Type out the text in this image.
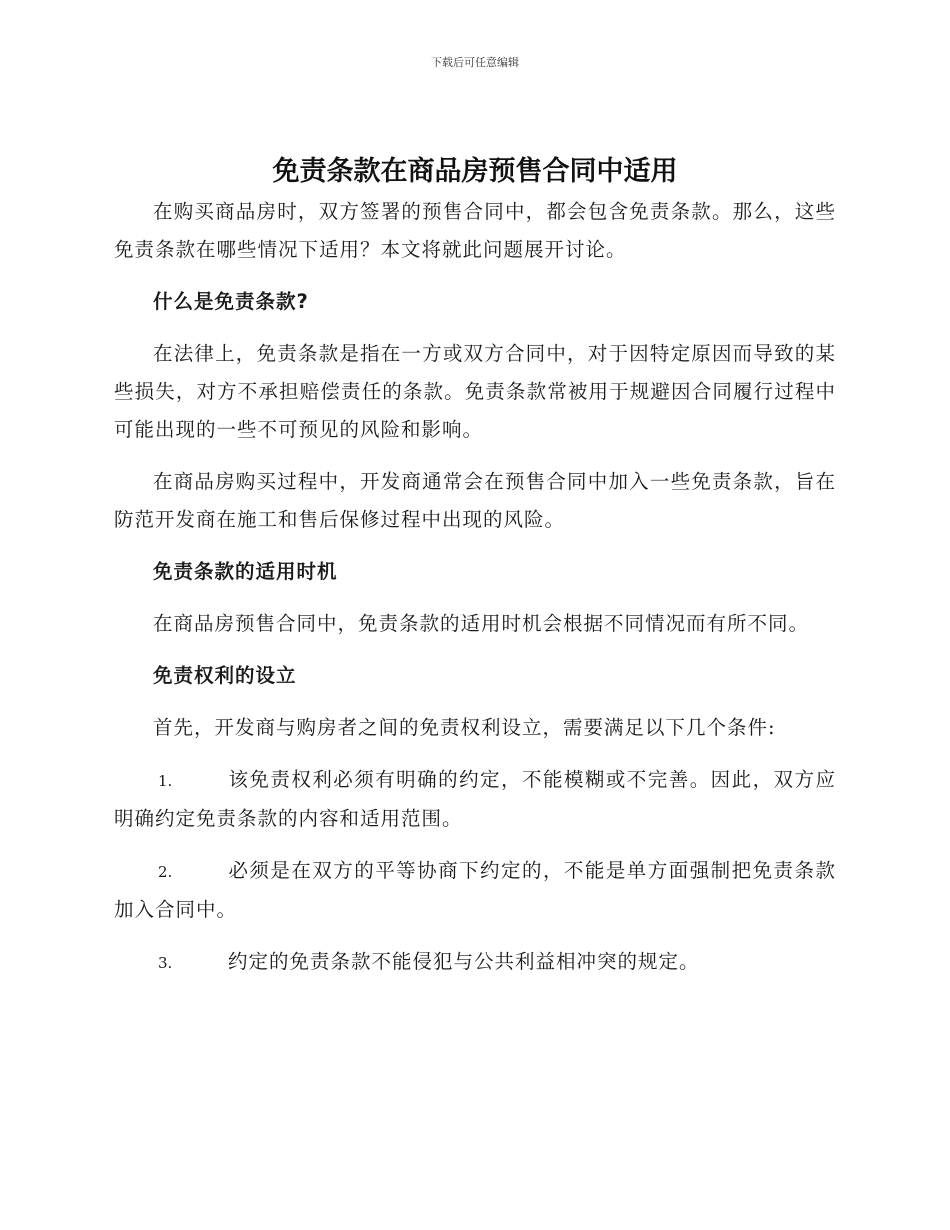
下载后可任意编辑
免责条款在商品房预售合同中适用

在购买商品房时，双方签署的预售合同中，都会包含免责条款。那么，这些免责条款在哪些情况下适用？本文将就此问题展开讨论。

什么是免责条款?

在法律上，免责条款是指在一方或双方合同中，对于因特定原因而导致的某些损失，对方不承担赔偿责任的条款。免责条款常被用于规避因合同履行过程中可能出现的一些不可预见的风险和影响。

在商品房购买过程中，开发商通常会在预售合同中加入一些免责条款，旨在防范开发商在施工和售后保修过程中出现的风险。

免责条款的适用时机

在商品房预售合同中，免责条款的适用时机会根据不同情况而有所不同。

免责权利的设立

首先，开发商与购房者之间的免责权利设立，需要满足以下几个条件:

1.	该免责权利必须有明确的约定，不能模糊或不完善。因此，双方应明确约定免责条款的内容和适用范围。

2.	必须是在双方的平等协商下约定的，不能是单方面强制把免责条款加入合同中。

3.	约定的免责条款不能侵犯与公共利益相冲突的规定。
